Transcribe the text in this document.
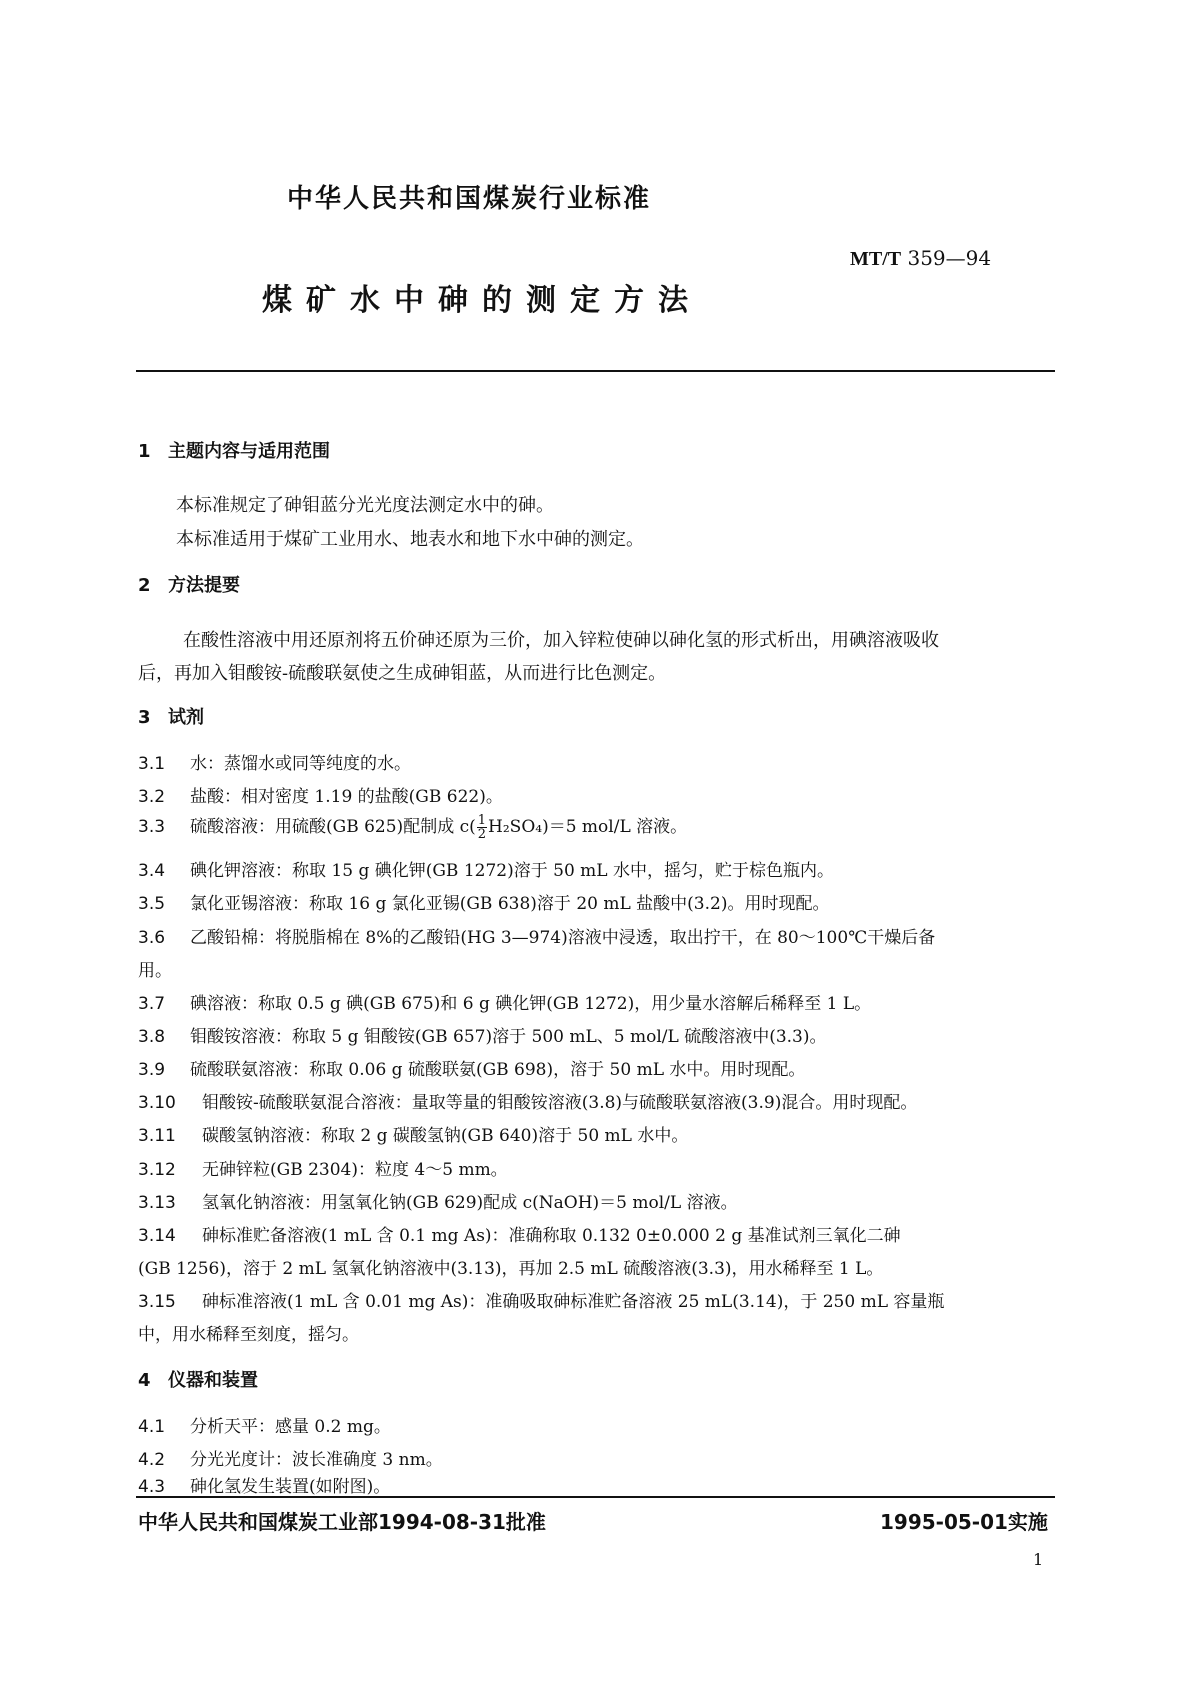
中华人民共和国煤炭行业标准
MT/T 359—94
煤矿水中砷的测定方法
1 主题内容与适用范围
本标准规定了砷钼蓝分光光度法测定水中的砷。
本标准适用于煤矿工业用水、地表水和地下水中砷的测定。
2 方法提要
在酸性溶液中用还原剂将五价砷还原为三价，加入锌粒使砷以砷化氢的形式析出，用碘溶液吸收
后，再加入钼酸铵-硫酸联氨使之生成砷钼蓝，从而进行比色测定。
3 试剂
3.1 水：蒸馏水或同等纯度的水。
3.2 盐酸：相对密度 1.19 的盐酸(GB 622)。
3.3 硫酸溶液：用硫酸(GB 625)配制成 $c( \frac{1}{2} H_2SO_4)=5$ mol/L 溶液。
3.4 碘化钾溶液：称取 15 g 碘化钾(GB 1272)溶于 50 mL 水中，摇匀，贮于棕色瓶内。
3.5 氯化亚锡溶液：称取 16 g 氯化亚锡(GB 638)溶于 20 mL 盐酸中(3.2)。用时现配。
3.6 乙酸铅棉：将脱脂棉在 8%的乙酸铅(HG 3—974)溶液中浸透，取出拧干，在 80～100℃干燥后备
用。
3.7 碘溶液：称取 0.5 g 碘(GB 675)和 6 g 碘化钾(GB 1272)，用少量水溶解后稀释至 1 L。
3.8 钼酸铵溶液：称取 5 g 钼酸铵(GB 657)溶于 500 mL、5 mol/L 硫酸溶液中(3.3)。
3.9 硫酸联氨溶液：称取 0.06 g 硫酸联氨(GB 698)，溶于 50 mL 水中。用时现配。
3.10 钼酸铵-硫酸联氨混合溶液：量取等量的钼酸铵溶液(3.8)与硫酸联氨溶液(3.9)混合。用时现配。
3.11 碳酸氢钠溶液：称取 2 g 碳酸氢钠(GB 640)溶于 50 mL 水中。
3.12 无砷锌粒(GB 2304)：粒度 4～5 mm。
3.13 氢氧化钠溶液：用氢氧化钠(GB 629)配成 c(NaOH)＝5 mol/L 溶液。
3.14 砷标准贮备溶液(1 mL 含 0.1 mg As)：准确称取 0.132 0±0.000 2 g 基准试剂三氧化二砷
(GB 1256)，溶于 2 mL 氢氧化钠溶液中(3.13)，再加 2.5 mL 硫酸溶液(3.3)，用水稀释至 1 L。
3.15 砷标准溶液(1 mL 含 0.01 mg As)：准确吸取砷标准贮备溶液 25 mL(3.14)，于 250 mL 容量瓶
中，用水稀释至刻度，摇匀。
4 仪器和装置
4.1 分析天平：感量 0.2 mg。
4.2 分光光度计：波长准确度 3 nm。
4.3 砷化氢发生装置(如附图)。
中华人民共和国煤炭工业部1994-08-31批准	1995-05-01实施
1
